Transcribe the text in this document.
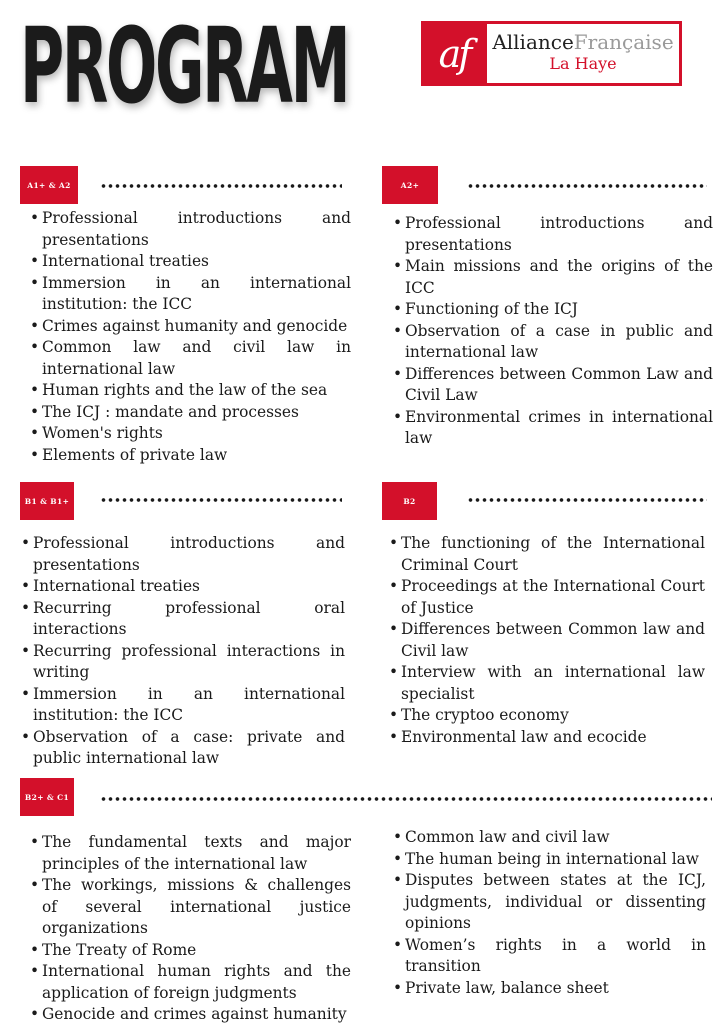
PROGRAM	af	AllianceFrançaise
La Haye
A1+ & A2
• Professional introductions and presentations
• International treaties
• Immersion in an international institution: the ICC
• Crimes against humanity and genocide
• Common law and civil law in international law
• Human rights and the law of the sea
• The ICJ : mandate and processes
• Women's rights
• Elements of private law
A2+
• Professional introductions and presentations
• Main missions and the origins of the ICC
• Functioning of the ICJ
• Observation of a case in public and international law
• Differences between Common Law and Civil Law
• Environmental crimes in international law
B1 & B1+
• Professional introductions and presentations
• International treaties
• Recurring professional oral interactions
• Recurring professional interactions in writing
• Immersion in an international institution: the ICC
• Observation of a case: private and public international law
B2
• The functioning of the International Criminal Court
• Proceedings at the International Court of Justice
• Differences between Common law and Civil law
• Interview with an international law specialist
• The cryptoo economy
• Environmental law and ecocide
B2+ & C1
• The fundamental texts and major principles of the international law
• The workings, missions & challenges of several international justice organizations
• The Treaty of Rome
• International human rights and the application of foreign judgments
• Genocide and crimes against humanity
• Common law and civil law
• The human being in international law
• Disputes between states at the ICJ, judgments, individual or dissenting opinions
• Women’s rights in a world in transition
• Private law, balance sheet
